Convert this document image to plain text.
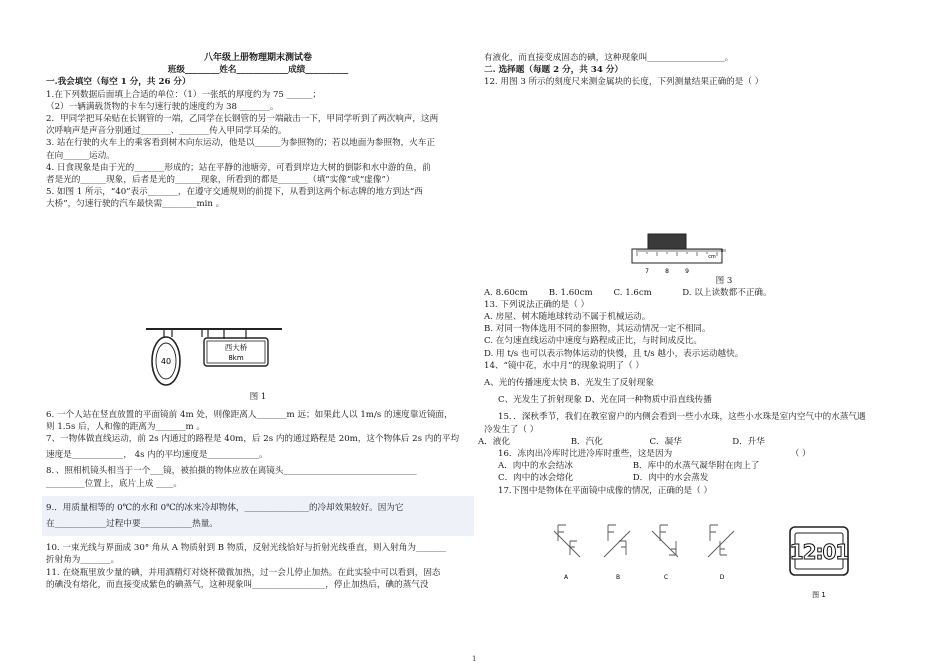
八年级上册物理期末测试卷
班级________姓名____________成绩__________
一.我会填空（每空 1 分，共 26 分）
1.在下列数据后面填上合适的单位：（1）一张纸的厚度约为 75 ______；
（2）一辆满载货物的卡车匀速行驶的速度约为 38 _______。
2．甲同学把耳朵贴在长钢管的一端，乙同学在长钢管的另一端敲击一下，甲同学听到了两次响声，这两
次呼响声是声音分别通过_______、_______传入甲同学耳朵的。
3. 站在行驶的火车上的乘客看到树木向东运动，他是以______为参照物的；若以地面为参照物，火车正
在向______运动。
4. 日食现象是由于光的_______形成的；站在平静的池塘旁，可看到岸边大树的倒影和水中游的鱼，前
者是光的______现象，后者是光的______现象，所看到的都是_______（填“实像”或“虚像”）
5. 如图 1 所示，“40”表示_______，在遵守交通规则的前提下，从看到这两个标志牌的地方到达“西
大桥”，匀速行驶的汽车最快需________min 。
40
西大桥
8km
图 1
6. 一个人站在竖直放置的平面镜前 4m 处，则像距离人_______m 远；如果此人以 1m/s 的速度靠近镜面，
则 1.5s 后，人和像的距离为_______m 。
7、一物体做直线运动，前 2s 内通过的路程是 40m，后 2s 内的通过路程是 20m，这个物体后 2s 内的平均
速度是____________， 4s 内的平均速度是____________。
8．、照相机镜头相当于一个___镜，被拍摄的物体应放在离镜头_______________________________
_________位置上，底片上成 ____。
9.．用质量相等的 0℃的水和 0℃的冰来冷却物体，_______________的冷却效果较好。因为它
在____________过程中要____________热量。
10. 一束光线与界面成 30° 角从 A 物质射到 B 物质，反射光线恰好与折射光线垂直，则入射角为_______
折射角为_______。
11. 在烧瓶里放少量的碘，并用酒精灯对烧杯微微加热，过一会儿停止加热。在此实验中可以看到，固态
的碘没有熔化，而直接变成紫色的碘蒸气，这种现象叫_________________，停止加热后，碘的蒸气没
有液化，而直接变成固态的碘，这种现象叫__________________。
二. 选择题（每题 2 分，共 34 分）
12. 用图 3 所示的刻度尺来测金属块的长度，下列测量结果正确的是（ ）
7	8	9
cm
图 3
A. 8.60cm B. 1.60cm C. 1.6cm	D. 以上读数都不正确。
13. 下列说法正确的是（ ）
A. 房屋、树木随地球转动不属于机械运动。
B. 对同一物体选用不同的参照物，其运动情况一定不相同。
C. 在匀速直线运动中速度与路程成正比，与时间成反比。
D. 用 t/s 也可以表示物体运动的快慢，且 t/s 越小，表示运动越快。
14、“镜中花，水中月”的现象说明了（ ）
A、光的传播速度太快 B、光发生了反射现象
C、光发生了折射现象 D、光在同一种物质中沿直线传播
15．．深秋季节，我们在教室窗户的内侧会看到一些小水珠，这些小水珠是室内空气中的水蒸气遇
冷发生了（ ）
A．液化	B．汽化	C．凝华	D．升华
16．冻肉出冷库时比进冷库时重些，这是因为	（ ）
A．肉中的水会结冰	B．库中的水蒸气凝华附在肉上了
C．肉中的冰会熔化	D．肉中的水会蒸发
17.下图中是物体在平面镜中成像的情况，正确的是（ ）
A	B	C	D
12:01
图 1
1
